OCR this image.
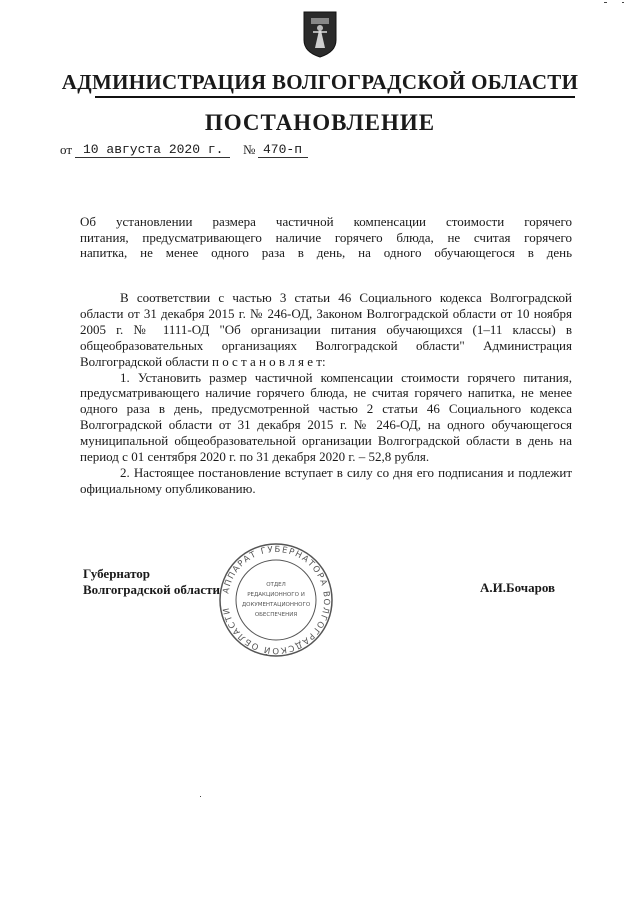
АДМИНИСТРАЦИЯ ВОЛГОГРАДСКОЙ ОБЛАСТИ
ПОСТАНОВЛЕНИЕ
от 10 августа 2020 г.	№ 470-п
Об установлении размера частичной компенсации стоимости горячего
питания, предусматривающего наличие горячего блюда, не считая горячего
напитка, не менее одного раза в день, на одного обучающегося в день
В соответствии с частью 3 статьи 46 Социального кодекса Волгоградской области от 31 декабря 2015 г. № 246-ОД, Законом Волгоградской области от 10 ноября 2005 г. № 1111-ОД "Об организации питания обучающихся (1–11 классы) в общеобразовательных организациях Волгоградской области" Администрация Волгоградской области п о с т а н о в л я е т:
1. Установить размер частичной компенсации стоимости горячего питания, предусматривающего наличие горячего блюда, не считая горячего напитка, не менее одного раза в день, предусмотренной частью 2 статьи 46 Социального кодекса Волгоградской области от 31 декабря 2015 г. № 246-ОД, на одного обучающегося муниципальной общеобразовательной организации Волгоградской области в день на период с 01 сентября 2020 г. по 31 декабря 2020 г. – 52,8 рубля.
2. Настоящее постановление вступает в силу со дня его подписания и подлежит официальному опубликованию.
Губернатор
Волгоградской области	А.И.Бочаров
АППАРАТ ГУБЕРНАТОРА ВОЛГОГРАДСКОЙ ОБЛАСТИ
ОТДЕЛ
РЕДАКЦИОННОГО И
ДОКУМЕНТАЦИОННОГО
ОБЕСПЕЧЕНИЯ
